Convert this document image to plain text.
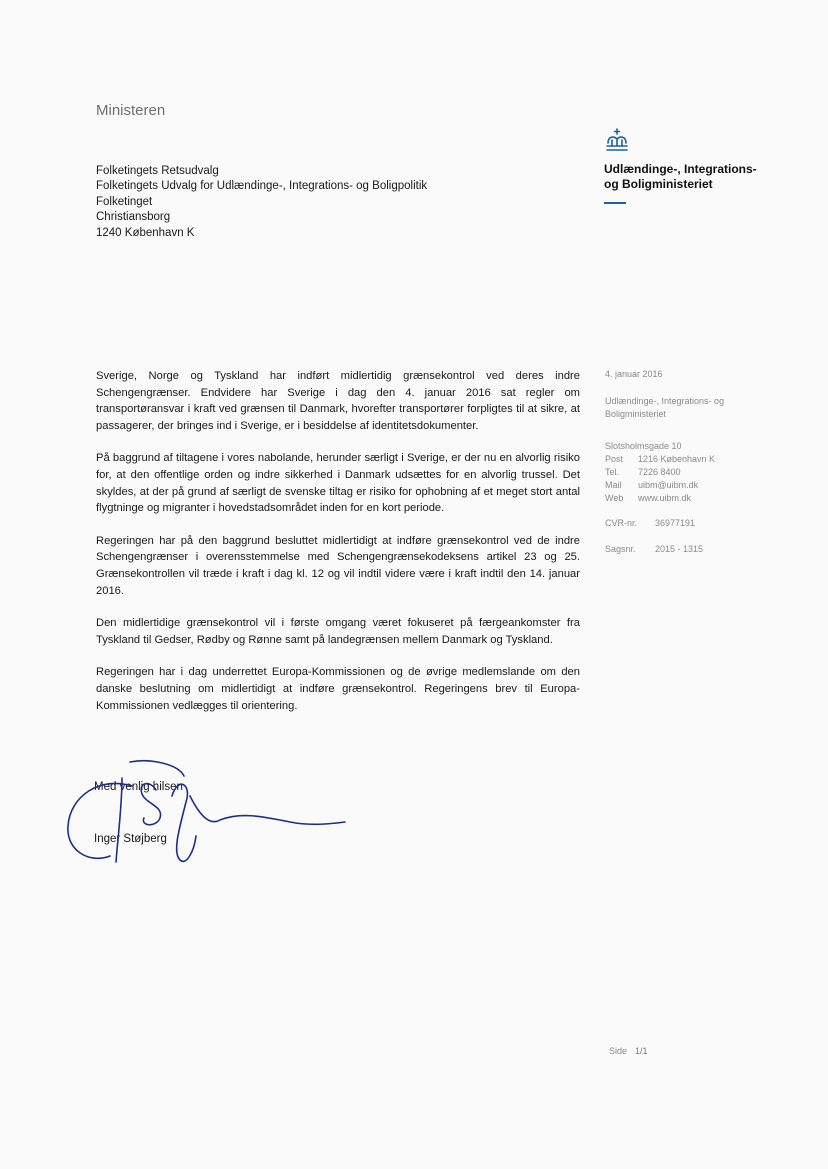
Ministeren
Udlændinge-, Integrations-
og Boligministeriet
Folketingets Retsudvalg
Folketingets Udvalg for Udlændinge-, Integrations- og Boligpolitik
Folketinget
Christiansborg
1240 København K

Sverige, Norge og Tyskland har indført midlertidig grænsekontrol ved deres indre Schengengrænser. Endvidere har Sverige i dag den 4. januar 2016 sat regler om transportøransvar i kraft ved grænsen til Danmark, hvorefter transportører forpligtes til at sikre, at passagerer, der bringes ind i Sverige, er i besiddelse af identitetsdokumenter.

På baggrund af tiltagene i vores nabolande, herunder særligt i Sverige, er der nu en alvorlig risiko for, at den offentlige orden og indre sikkerhed i Danmark udsættes for en alvorlig trussel. Det skyldes, at der på grund af særligt de svenske tiltag er risiko for ophobning af et meget stort antal flygtninge og migranter i hovedstadsområdet inden for en kort periode.

Regeringen har på den baggrund besluttet midlertidigt at indføre grænsekontrol ved de indre Schengengrænser i overensstemmelse med Schengengrænsekodeksens artikel 23 og 25. Grænsekontrollen vil træde i kraft i dag kl. 12 og vil indtil videre være i kraft indtil den 14. januar 2016.

Den midlertidige grænsekontrol vil i første omgang været fokuseret på færgeankomster fra Tyskland til Gedser, Rødby og Rønne samt på landegrænsen mellem Danmark og Tyskland.

Regeringen har i dag underrettet Europa-Kommissionen og de øvrige medlemslande om den danske beslutning om midlertidigt at indføre grænsekontrol. Regeringens brev til Europa-Kommissionen vedlægges til orientering.

4. januar 2016
Udlændinge-, Integrations- og
Boligministeriet
Slotsholmsgade 10
Post	1216 København K
Tel.	7226 8400
Mail	uibm@uibm.dk
Web	www.uibm.dk
CVR-nr.	36977191
Sagsnr.	2015 - 1315
Med venlig hilsen
Inger Støjberg
Side 1/1
